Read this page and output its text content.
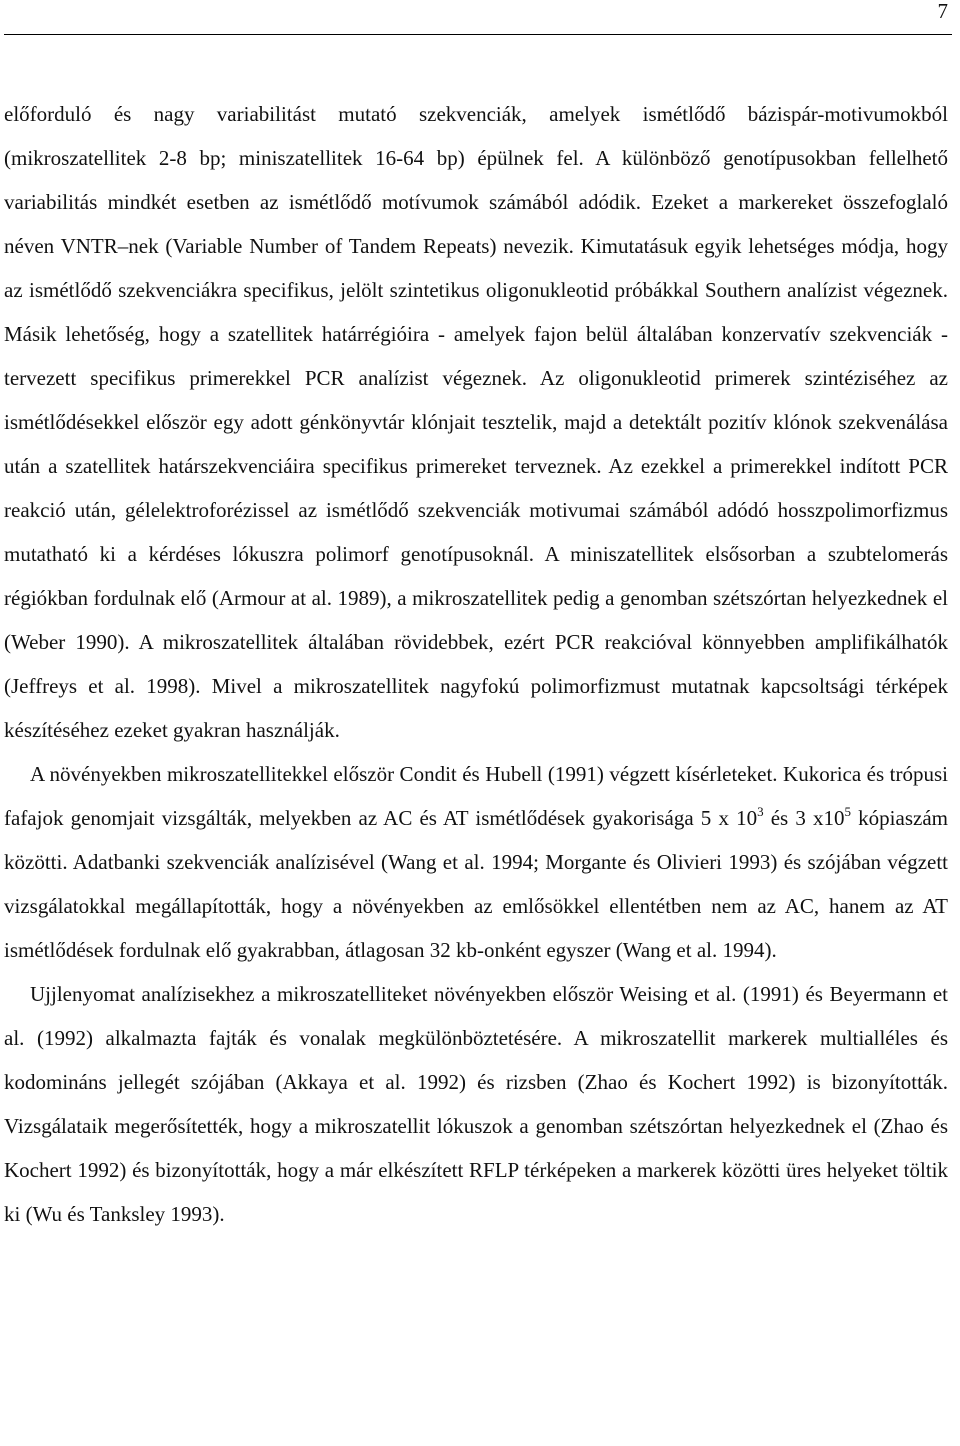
7

előforduló és nagy variabilitást mutató szekvenciák, amelyek ismétlődő bázispár-motivumokból (mikroszatellitek 2-8 bp; miniszatellitek 16-64 bp) épülnek fel. A különböző genotípusokban fellelhető variabilitás mindkét esetben az ismétlődő motívumok számából adódik. Ezeket a markereket összefoglaló néven VNTR–nek (Variable Number of Tandem Repeats) nevezik. Kimutatásuk egyik lehetséges módja, hogy az ismétlődő szekvenciákra specifikus, jelölt szintetikus oligonukleotid próbákkal Southern analízist végeznek. Másik lehetőség, hogy a szatellitek határrégióira - amelyek fajon belül általában konzervatív szekvenciák - tervezett specifikus primerekkel PCR analízist végeznek. Az oligonukleotid primerek szintéziséhez az ismétlődésekkel először egy adott génkönyvtár klónjait tesztelik, majd a detektált pozitív klónok szekvenálása után a szatellitek határszekvenciáira specifikus primereket terveznek. Az ezekkel a primerekkel indított PCR reakció után, gélelektroforézissel az ismétlődő szekvenciák motivumai számából adódó hosszpolimorfizmus mutatható ki a kérdéses lókuszra polimorf genotípusoknál. A miniszatellitek elsősorban a szubtelomerás régiókban fordulnak elő (Armour at al. 1989), a mikroszatellitek pedig a genomban szétszórtan helyezkednek el (Weber 1990). A mikroszatellitek általában rövidebbek, ezért PCR reakcióval könnyebben amplifikálhatók (Jeffreys et al. 1998). Mivel a mikroszatellitek nagyfokú polimorfizmust mutatnak kapcsoltsági térképek készítéséhez ezeket gyakran használják.

A növényekben mikroszatellitekkel először Condit és Hubell (1991) végzett kísérleteket. Kukorica és trópusi fafajok genomjait vizsgálták, melyekben az AC és AT ismétlődések gyakorisága 5 x $10^3$ és 3 $x10^5$ kópiaszám közötti. Adatbanki szekvenciák analízisével (Wang et al. 1994; Morgante és Olivieri 1993) és szójában végzett vizsgálatokkal megállapították, hogy a növényekben az emlősökkel ellentétben nem az AC, hanem az AT ismétlődések fordulnak elő gyakrabban, átlagosan 32 kb-onként egyszer (Wang et al. 1994).

Ujjlenyomat analízisekhez a mikroszatelliteket növényekben először Weising et al. (1991) és Beyermann et al. (1992) alkalmazta fajták és vonalak megkülönböztetésére. A mikroszatellit markerek multialléles és kodomináns jellegét szójában (Akkaya et al. 1992) és rizsben (Zhao és Kochert 1992) is bizonyították. Vizsgálataik megerősítették, hogy a mikroszatellit lókuszok a genomban szétszórtan helyezkednek el (Zhao és Kochert 1992) és bizonyították, hogy a már elkészített RFLP térképeken a markerek közötti üres helyeket töltik ki (Wu és Tanksley 1993).
